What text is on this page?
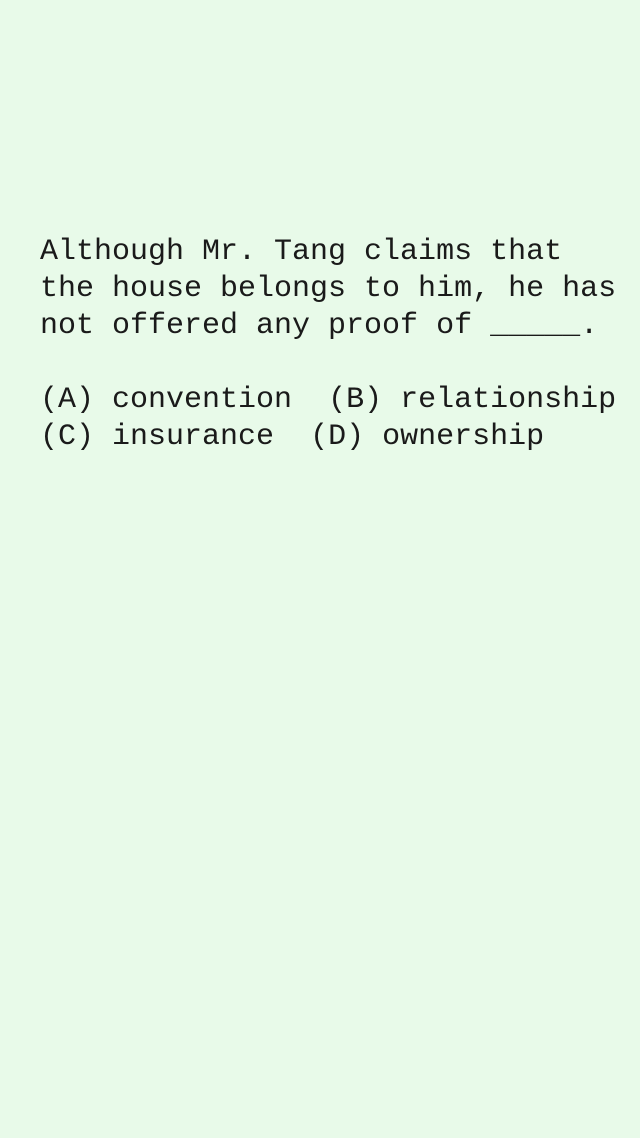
Although Mr. Tang claims that
the house belongs to him, he has
not offered any proof of _____.
(A) convention (B) relationship
(C) insurance (D) ownership
